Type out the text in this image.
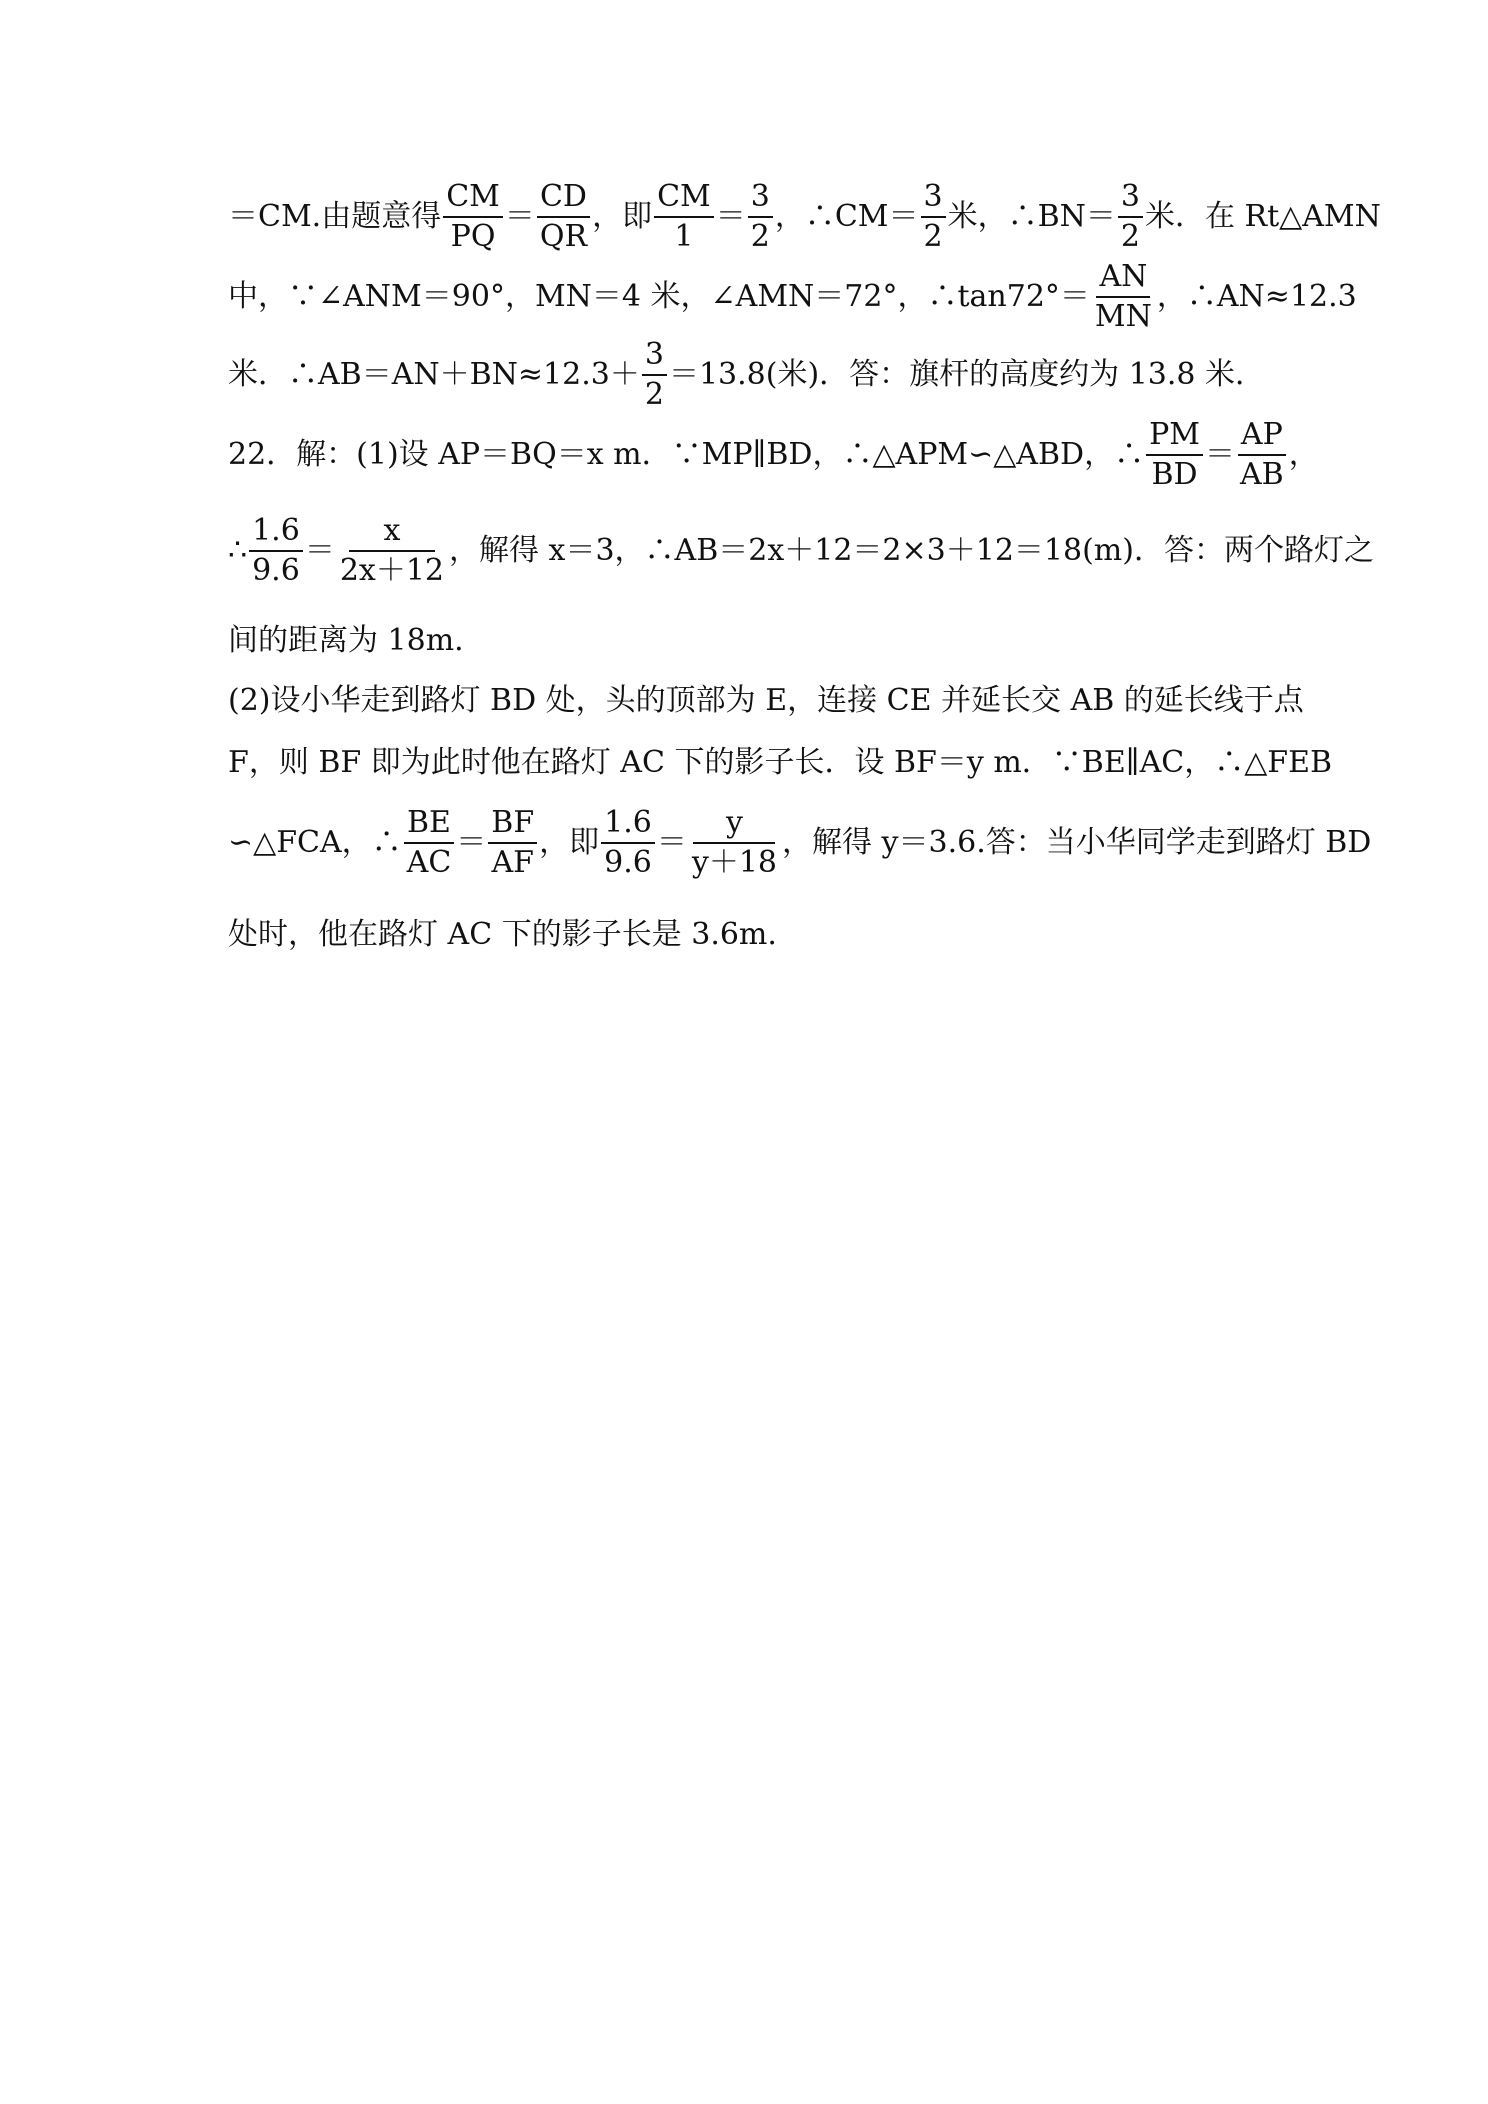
＝CM.由题意得 $\frac{CM}{PQ} = \frac{CD}{QR}$ ，即 $\frac{CM}{1} = \frac{3}{2}$ ，∴CM＝ $\frac{3}{2}$ 米，∴BN＝ $\frac{3}{2}$ 米．在 Rt△AMN
中，∵∠ANM＝90°，MN＝4 米，∠AMN＝72°，∴tan72°＝ $\frac{AN}{MN}$ ，∴AN≈12.3
米．∴AB＝AN＋BN≈12.3＋ $\frac{3}{2} =13.8$(米)．答：旗杆的高度约为 13.8 米．
22．解：(1)设 AP＝BQ＝x m．∵MP∥BD，∴△APM∽△ABD，∴ $\frac{PM}{BD} = \frac{AP}{AB}$ ，
∴ $\frac{1.6}{9.6} = \frac{x}{2x+12}$ ，解得 x＝3，∴AB＝2x＋12＝2×3＋12＝18(m)．答：两个路灯之
间的距离为 18m.
(2)设小华走到路灯 BD 处，头的顶部为 E，连接 CE 并延长交 AB 的延长线于点
F，则 BF 即为此时他在路灯 AC 下的影子长．设 BF＝y m．∵BE∥AC，∴△FEB
∽△FCA，∴ $\frac{BE}{AC} = \frac{BF}{AF}$ ，即 $\frac{1.6}{9.6} = \frac{y}{y+18}$ ，解得 y＝3.6.答：当小华同学走到路灯 BD
处时，他在路灯 AC 下的影子长是 3.6m.
